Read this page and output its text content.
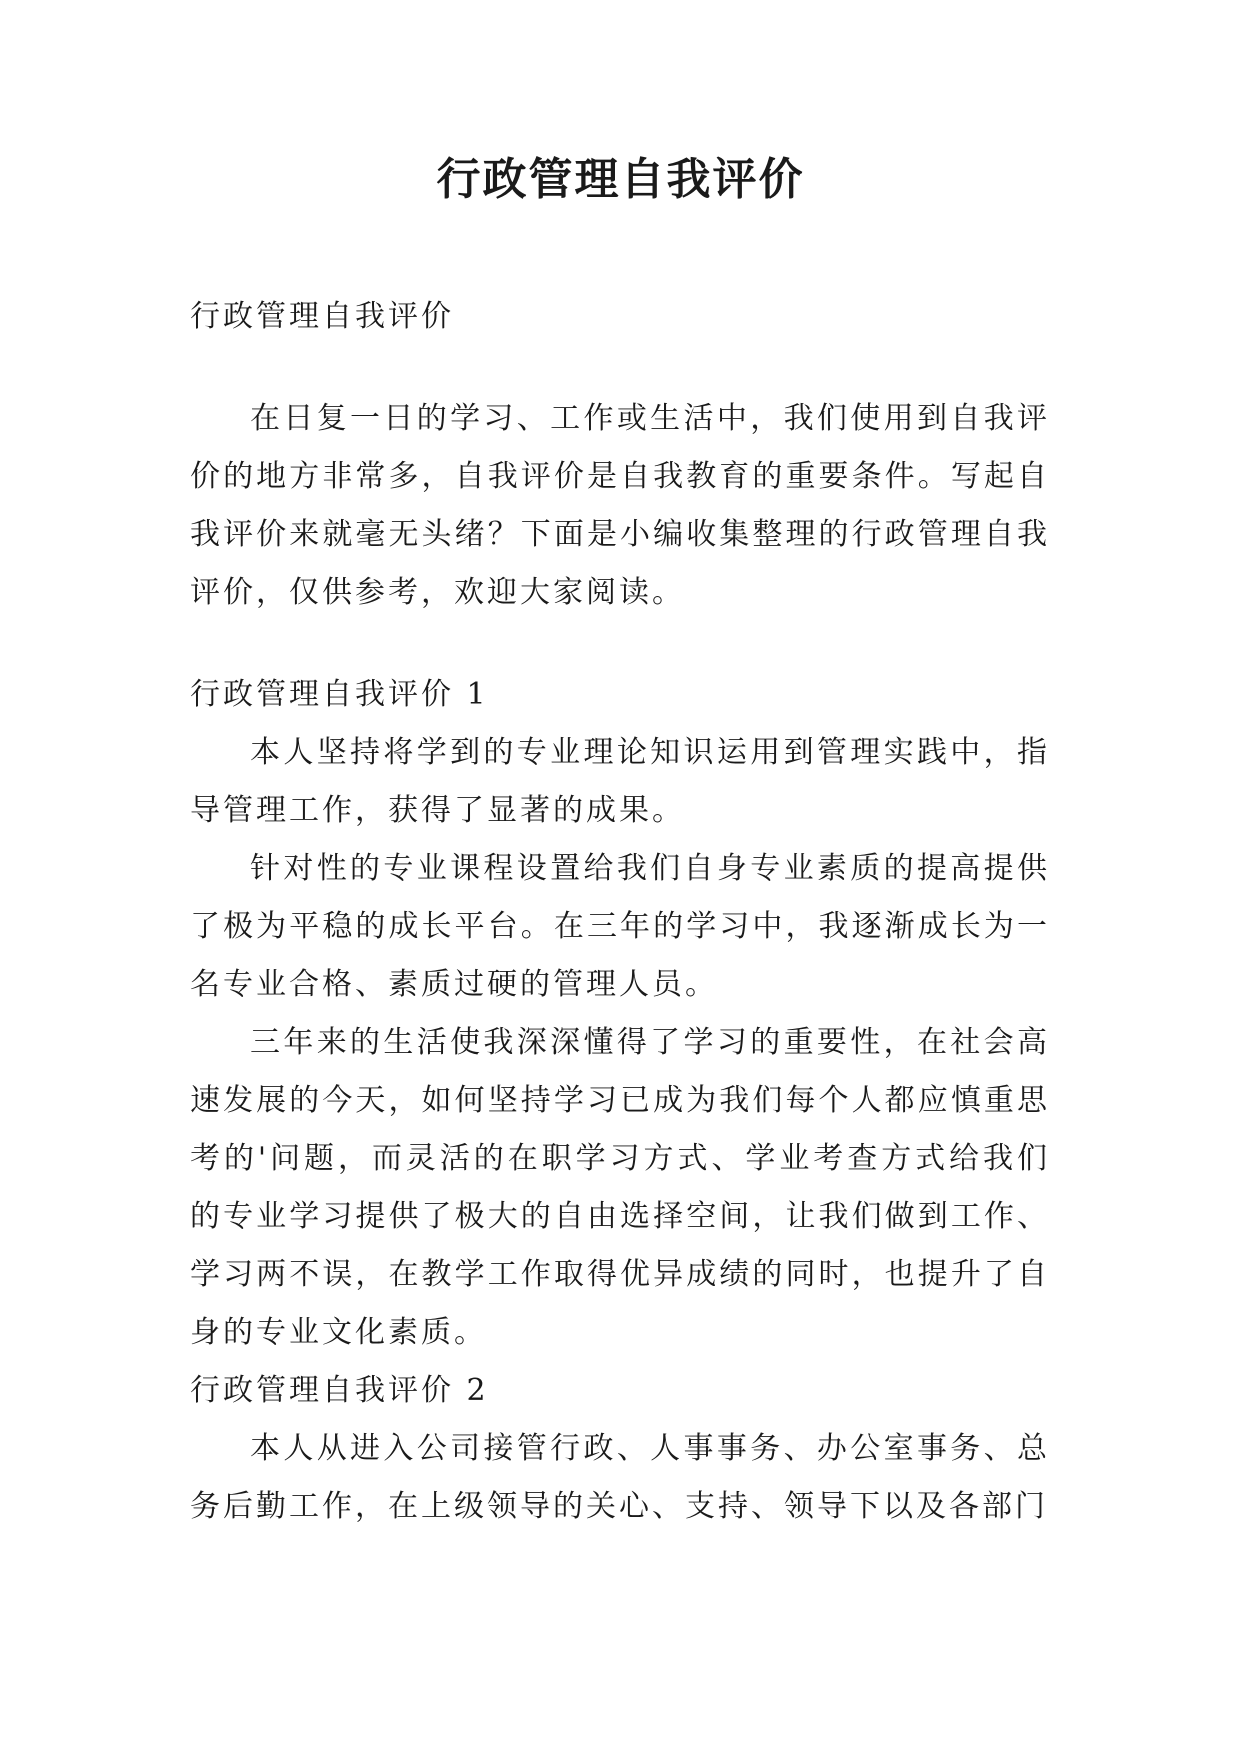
行政管理自我评价

行政管理自我评价

在日复一日的学习、工作或生活中，我们使用到自我评价的地方非常多，自我评价是自我教育的重要条件。写起自我评价来就毫无头绪？下面是小编收集整理的行政管理自我评价，仅供参考，欢迎大家阅读。

行政管理自我评价 1

本人坚持将学到的专业理论知识运用到管理实践中，指导管理工作，获得了显著的成果。

针对性的专业课程设置给我们自身专业素质的提高提供了极为平稳的成长平台。在三年的学习中，我逐渐成长为一名专业合格、素质过硬的管理人员。

三年来的生活使我深深懂得了学习的重要性，在社会高速发展的今天，如何坚持学习已成为我们每个人都应慎重思考的'问题，而灵活的在职学习方式、学业考查方式给我们的专业学习提供了极大的自由选择空间，让我们做到工作、学习两不误，在教学工作取得优异成绩的同时，也提升了自身的专业文化素质。

行政管理自我评价 2

本人从进入公司接管行政、人事事务、办公室事务、总务后勤工作，在上级领导的关心、支持、领导下以及各部门
